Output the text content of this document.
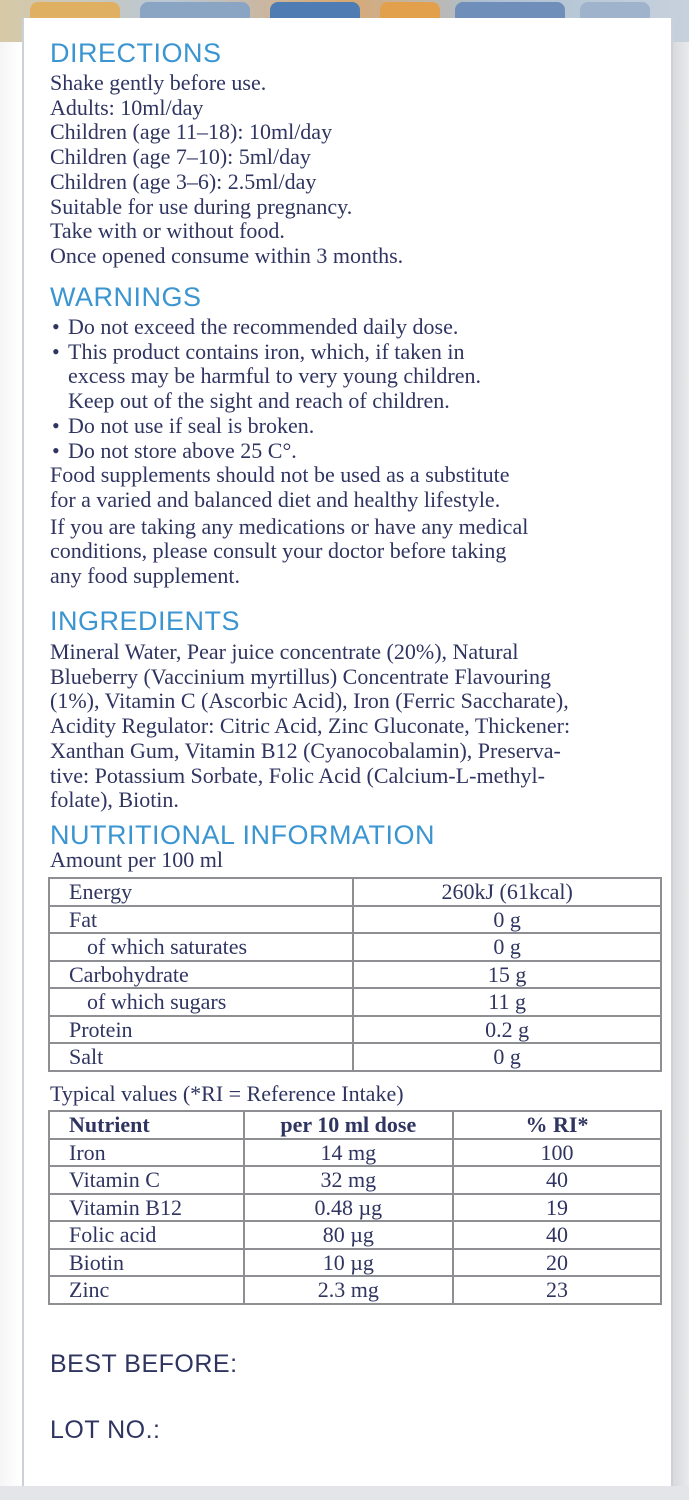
DIRECTIONS
Shake gently before use.
Adults: 10ml/day
Children (age 11–18): 10ml/day
Children (age 7–10): 5ml/day
Children (age 3–6): 2.5ml/day
Suitable for use during pregnancy.
Take with or without food.
Once opened consume within 3 months.
WARNINGS
• Do not exceed the recommended daily dose.
• This product contains iron, which, if taken in
excess may be harmful to very young children.
Keep out of the sight and reach of children.
• Do not use if seal is broken.
• Do not store above 25 C°.
Food supplements should not be used as a substitute
for a varied and balanced diet and healthy lifestyle.
If you are taking any medications or have any medical
conditions, please consult your doctor before taking
any food supplement.
INGREDIENTS
Mineral Water, Pear juice concentrate (20%), Natural
Blueberry (Vaccinium myrtillus) Concentrate Flavouring
(1%), Vitamin C (Ascorbic Acid), Iron (Ferric Saccharate),
Acidity Regulator: Citric Acid, Zinc Gluconate, Thickener:
Xanthan Gum, Vitamin B12 (Cyanocobalamin), Preserva-
tive: Potassium Sorbate, Folic Acid (Calcium-L-methyl-
folate), Biotin.
NUTRITIONAL INFORMATION
Amount per 100 ml
Energy	260kJ (61kcal)
Fat	0 g
of which saturates	0 g
Carbohydrate	15 g
of which sugars	11 g
Protein	0.2 g
Salt	0 g
Typical values (*RI = Reference Intake)
Nutrient	per 10 ml dose	% RI*
Iron	14 mg	100
Vitamin C	32 mg	40
Vitamin B12	0.48 µg	19
Folic acid	80 µg	40
Biotin	10 µg	20
Zinc	2.3 mg	23
BEST BEFORE:
LOT NO.:
